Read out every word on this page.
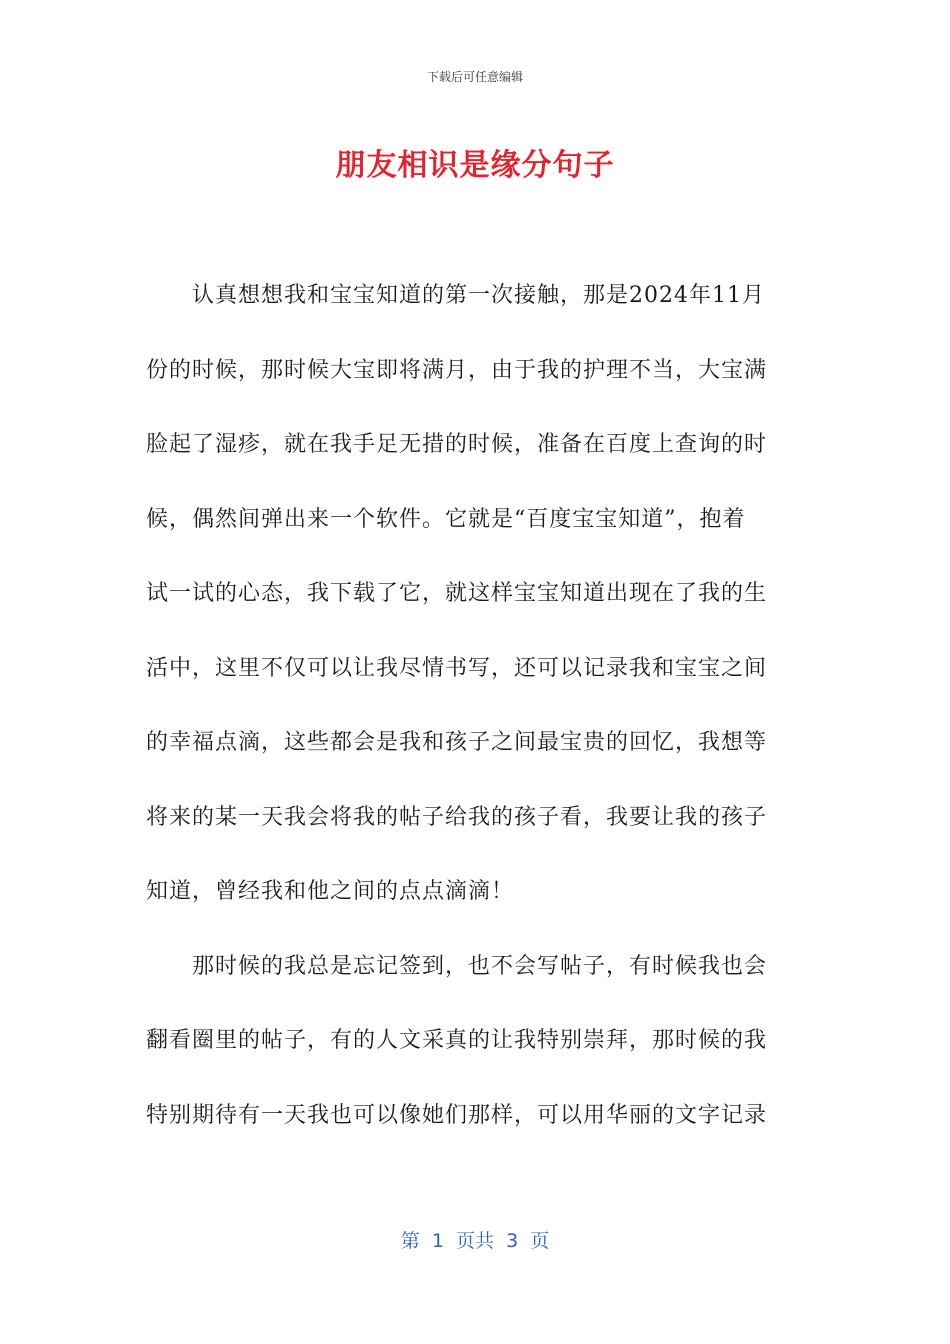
下载后可任意编辑
朋友相识是缘分句子
　　认真想想我和宝宝知道的第一次接触，那是2024年11月
份的时候，那时候大宝即将满月，由于我的护理不当，大宝满
脸起了湿疹，就在我手足无措的时候，准备在百度上查询的时
候，偶然间弹出来一个软件。它就是“百度宝宝知道”，抱着
试一试的心态，我下载了它，就这样宝宝知道出现在了我的生
活中，这里不仅可以让我尽情书写，还可以记录我和宝宝之间
的幸福点滴，这些都会是我和孩子之间最宝贵的回忆，我想等
将来的某一天我会将我的帖子给我的孩子看，我要让我的孩子
知道，曾经我和他之间的点点滴滴！
　　那时候的我总是忘记签到，也不会写帖子，有时候我也会
翻看圈里的帖子，有的人文采真的让我特别崇拜，那时候的我
特别期待有一天我也可以像她们那样，可以用华丽的文字记录
第  1  页共  3  页
